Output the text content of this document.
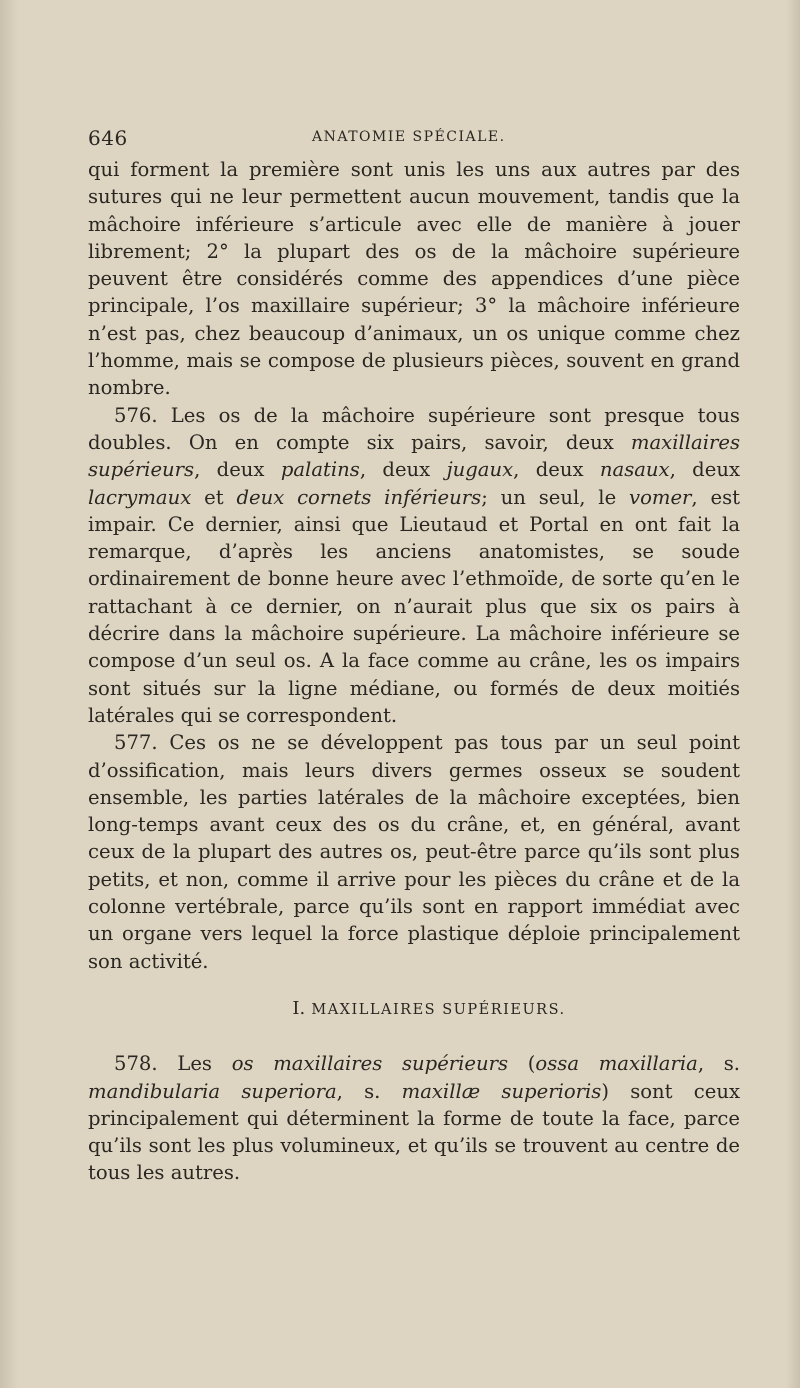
646	ANATOMIE SPÉCIALE.

qui forment la première sont unis les uns aux autres par des sutures qui ne leur permettent aucun mouvement, tandis que la mâchoire inférieure s’articule avec elle de manière à jouer librement; 2° la plupart des os de la mâchoire supérieure peuvent être considérés comme des appendices d’une pièce principale, l’os maxillaire supérieur; 3° la mâchoire inférieure n’est pas, chez beaucoup d’animaux, un os unique comme chez l’homme, mais se compose de plusieurs pièces, souvent en grand nombre.

576. Les os de la mâchoire supérieure sont presque tous doubles. On en compte six pairs, savoir, deux maxillaires supérieurs, deux palatins, deux jugaux, deux nasaux, deux lacrymaux et deux cornets inférieurs; un seul, le vomer, est impair. Ce dernier, ainsi que Lieutaud et Portal en ont fait la remarque, d’après les anciens anatomistes, se soude ordinairement de bonne heure avec l’ethmoïde, de sorte qu’en le rattachant à ce dernier, on n’aurait plus que six os pairs à décrire dans la mâchoire supérieure. La mâchoire inférieure se compose d’un seul os. A la face comme au crâne, les os impairs sont situés sur la ligne médiane, ou formés de deux moitiés latérales qui se correspondent.

577. Ces os ne se développent pas tous par un seul point d’ossification, mais leurs divers germes osseux se soudent ensemble, les parties latérales de la mâchoire exceptées, bien long-temps avant ceux des os du crâne, et, en général, avant ceux de la plupart des autres os, peut-être parce qu’ils sont plus petits, et non, comme il arrive pour les pièces du crâne et de la colonne vertébrale, parce qu’ils sont en rapport immédiat avec un organe vers lequel la force plastique déploie principalement son activité.

I. MAXILLAIRES SUPÉRIEURS.

578. Les os maxillaires supérieurs (ossa maxillaria, s. mandibularia superiora, s. maxillæ superioris) sont ceux principalement qui déterminent la forme de toute la face, parce qu’ils sont les plus volumineux, et qu’ils se trouvent au centre de tous les autres.
